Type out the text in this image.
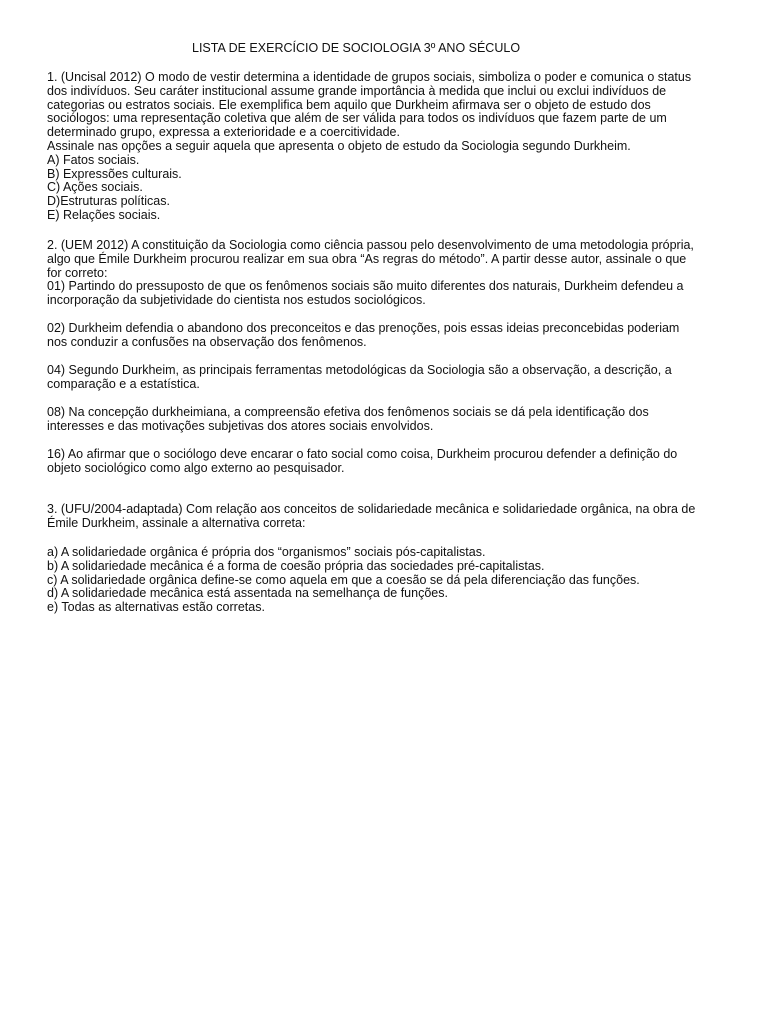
LISTA DE EXERCÍCIO DE SOCIOLOGIA 3º ANO SÉCULO
1. (Uncisal 2012) O modo de vestir determina a identidade de grupos sociais, simboliza o poder e comunica o status
dos indivíduos. Seu caráter institucional assume grande importância à medida que inclui ou exclui indivíduos de
categorias ou estratos sociais. Ele exemplifica bem aquilo que Durkheim afirmava ser o objeto de estudo dos
sociólogos: uma representação coletiva que além de ser válida para todos os indivíduos que fazem parte de um
determinado grupo, expressa a exterioridade e a coercitividade.
Assinale nas opções a seguir aquela que apresenta o objeto de estudo da Sociologia segundo Durkheim.
A) Fatos sociais.
B) Expressões culturais.
C) Ações sociais.
D)Estruturas políticas.
E) Relações sociais.
2. (UEM 2012) A constituição da Sociologia como ciência passou pelo desenvolvimento de uma metodologia própria,
algo que Émile Durkheim procurou realizar em sua obra “As regras do método”. A partir desse autor, assinale o que
for correto:
01) Partindo do pressuposto de que os fenômenos sociais são muito diferentes dos naturais, Durkheim defendeu a
incorporação da subjetividade do cientista nos estudos sociológicos.
02) Durkheim defendia o abandono dos preconceitos e das prenoções, pois essas ideias preconcebidas poderiam
nos conduzir a confusões na observação dos fenômenos.
04) Segundo Durkheim, as principais ferramentas metodológicas da Sociologia são a observação, a descrição, a
comparação e a estatística.
08) Na concepção durkheimiana, a compreensão efetiva dos fenômenos sociais se dá pela identificação dos
interesses e das motivações subjetivas dos atores sociais envolvidos.
16) Ao afirmar que o sociólogo deve encarar o fato social como coisa, Durkheim procurou defender a definição do
objeto sociológico como algo externo ao pesquisador.
3. (UFU/2004-adaptada) Com relação aos conceitos de solidariedade mecânica e solidariedade orgânica, na obra de
Émile Durkheim, assinale a alternativa correta:
a) A solidariedade orgânica é própria dos “organismos” sociais pós-capitalistas.
b) A solidariedade mecânica é a forma de coesão própria das sociedades pré-capitalistas.
c) A solidariedade orgânica define-se como aquela em que a coesão se dá pela diferenciação das funções.
d) A solidariedade mecânica está assentada na semelhança de funções.
e) Todas as alternativas estão corretas.
